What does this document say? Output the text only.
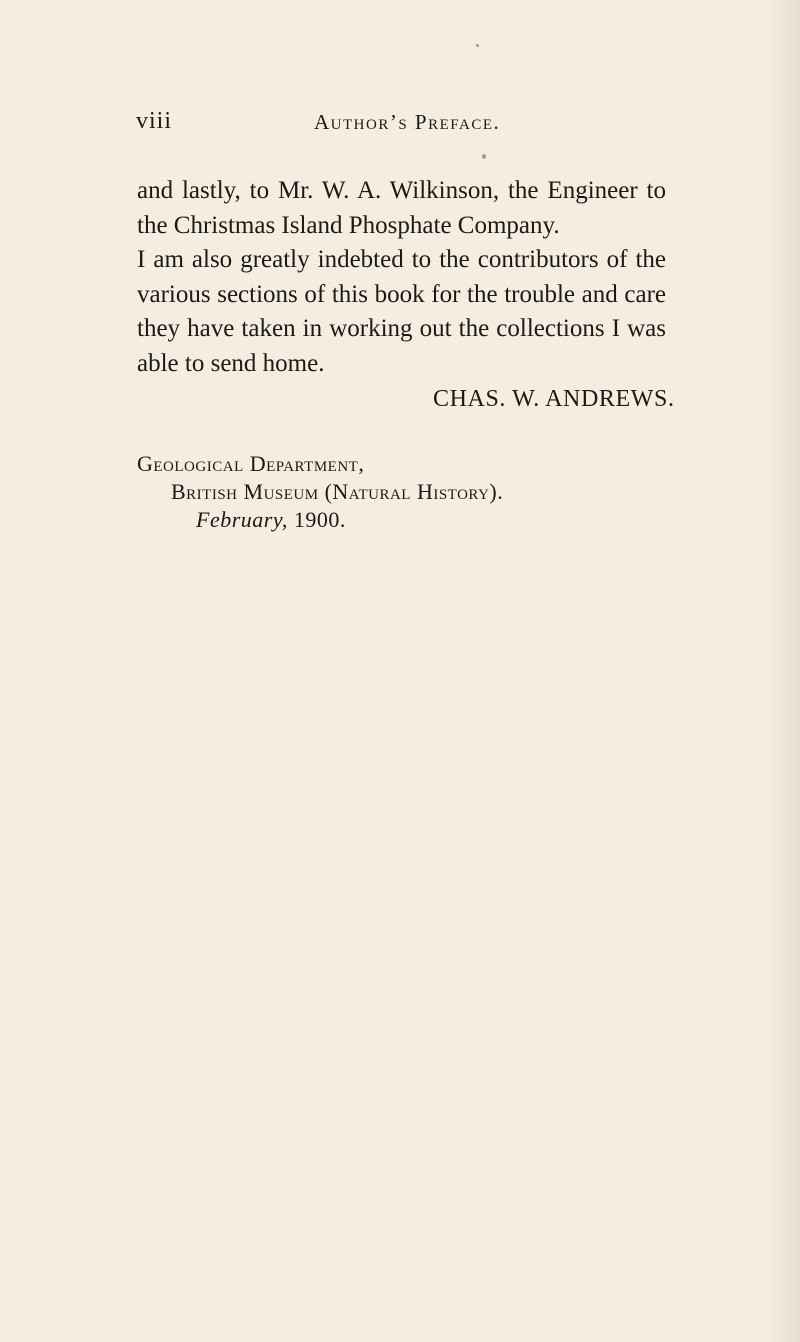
viii	Author’s Preface.

and lastly, to Mr. W. A. Wilkinson, the Engineer to the Christmas Island Phosphate Company.

I am also greatly indebted to the contributors of the various sections of this book for the trouble and care they have taken in working out the collections I was able to send home.

CHAS. W. ANDREWS.
Geological Department,
British Museum (Natural History).
February, 1900.
